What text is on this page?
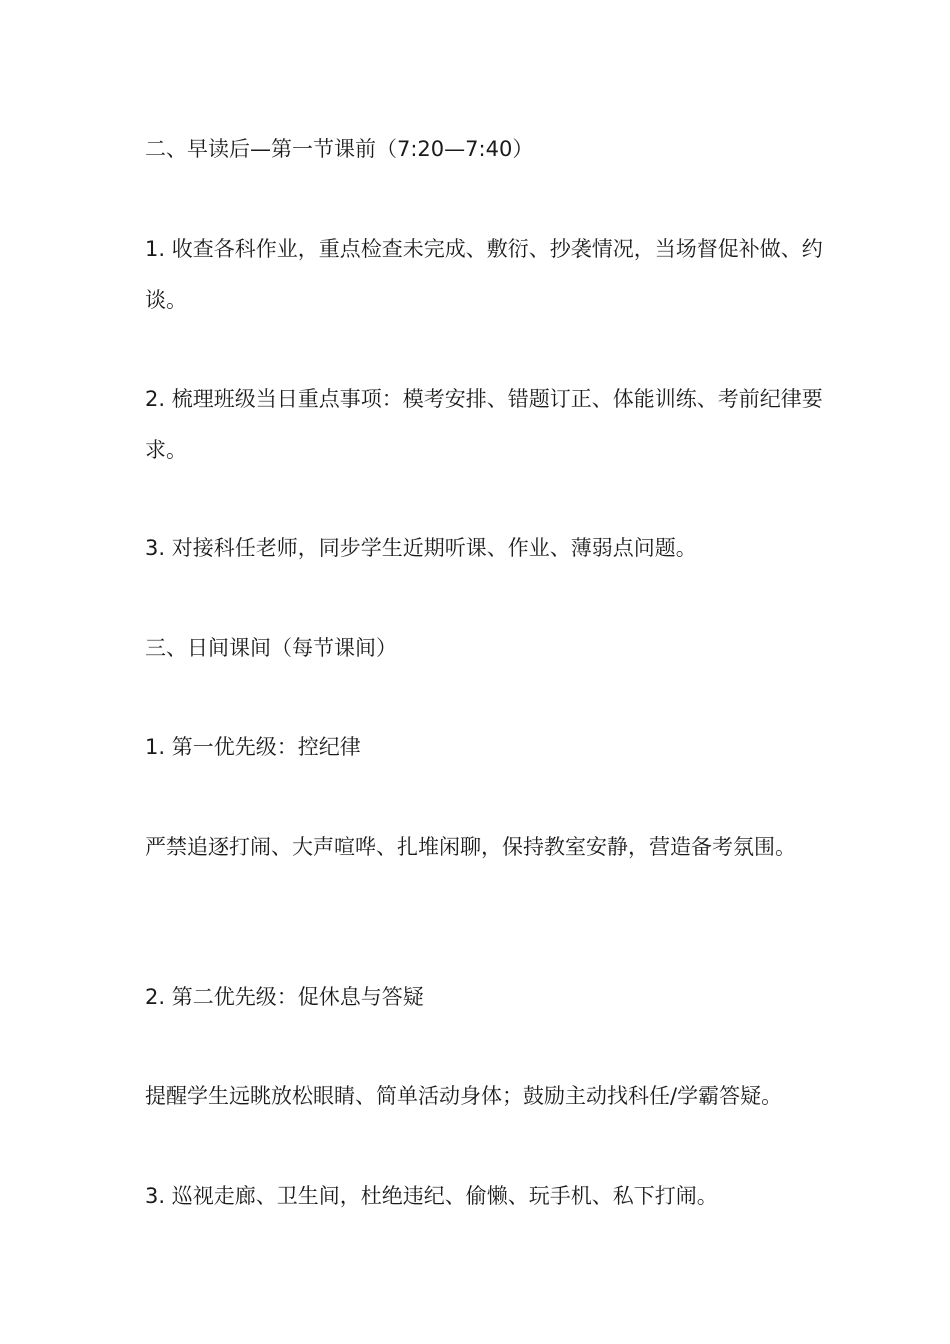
二、早读后—第一节课前（7:20—7:40）

1. 收查各科作业，重点检查未完成、敷衍、抄袭情况，当场督促补做、约谈。

2. 梳理班级当日重点事项：模考安排、错题订正、体能训练、考前纪律要求。

3. 对接科任老师，同步学生近期听课、作业、薄弱点问题。

三、日间课间（每节课间）

1. 第一优先级：控纪律

严禁追逐打闹、大声喧哗、扎堆闲聊，保持教室安静，营造备考氛围。

2. 第二优先级：促休息与答疑

提醒学生远眺放松眼睛、简单活动身体；鼓励主动找科任/学霸答疑。

3. 巡视走廊、卫生间，杜绝违纪、偷懒、玩手机、私下打闹。
